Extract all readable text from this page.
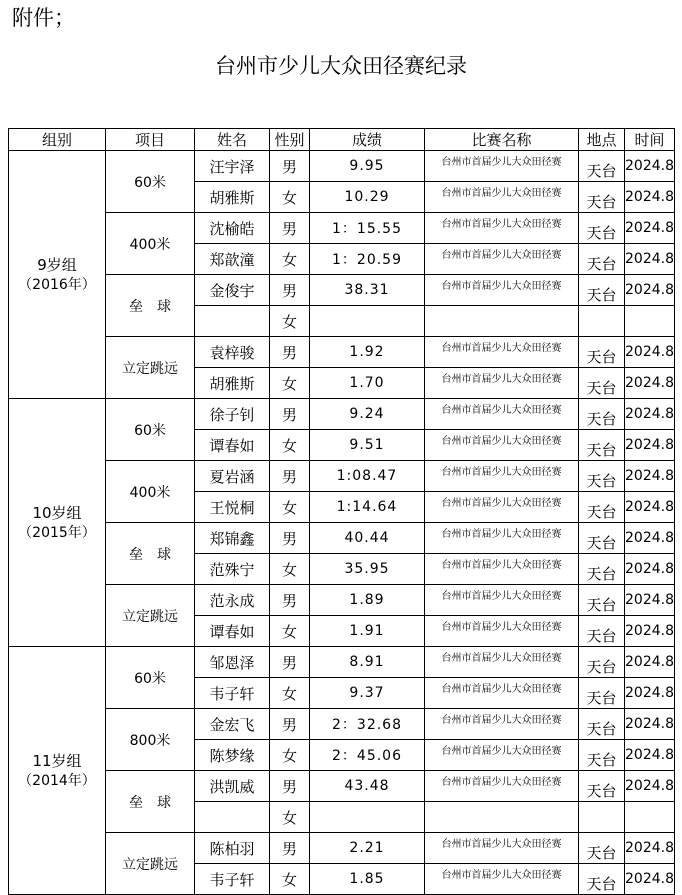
附件；
台州市少儿大众田径赛纪录
组别	项目	姓名	性别	成绩	比赛名称	地点	时间

9岁组
（2016年）	60米	汪宇泽	男	9.95	台州市首届少儿大众田径赛	天台	2024.8
		胡雅斯	女	10.29	台州市首届少儿大众田径赛	天台	2024.8
	400米	沈榆皓	男	1：15.55	台州市首届少儿大众田径赛	天台	2024.8
		郑歆潼	女	1：20.59	台州市首届少儿大众田径赛	天台	2024.8
	垒　球	金俊宇	男	38.31	台州市首届少儿大众田径赛	天台	2024.8
			女				
	立定跳远	袁梓骏	男	1.92	台州市首届少儿大众田径赛	天台	2024.8
		胡雅斯	女	1.70	台州市首届少儿大众田径赛	天台	2024.8

10岁组
（2015年）	60米	徐子钊	男	9.24	台州市首届少儿大众田径赛	天台	2024.8
		谭春如	女	9.51	台州市首届少儿大众田径赛	天台	2024.8
	400米	夏岩涵	男	1:08.47	台州市首届少儿大众田径赛	天台	2024.8
		王悦桐	女	1:14.64	台州市首届少儿大众田径赛	天台	2024.8
	垒　球	郑锦鑫	男	40.44	台州市首届少儿大众田径赛	天台	2024.8
		范殊宁	女	35.95	台州市首届少儿大众田径赛	天台	2024.8
	立定跳远	范永成	男	1.89	台州市首届少儿大众田径赛	天台	2024.8
		谭春如	女	1.91	台州市首届少儿大众田径赛	天台	2024.8

11岁组
（2014年）	60米	邹恩泽	男	8.91	台州市首届少儿大众田径赛	天台	2024.8
		韦子轩	女	9.37	台州市首届少儿大众田径赛	天台	2024.8
	800米	金宏飞	男	2：32.68	台州市首届少儿大众田径赛	天台	2024.8
		陈梦缘	女	2：45.06	台州市首届少儿大众田径赛	天台	2024.8
	垒　球	洪凯威	男	43.48	台州市首届少儿大众田径赛	天台	2024.8
			女				
	立定跳远	陈柏羽	男	2.21	台州市首届少儿大众田径赛	天台	2024.8
		韦子轩	女	1.85	台州市首届少儿大众田径赛	天台	2024.8
